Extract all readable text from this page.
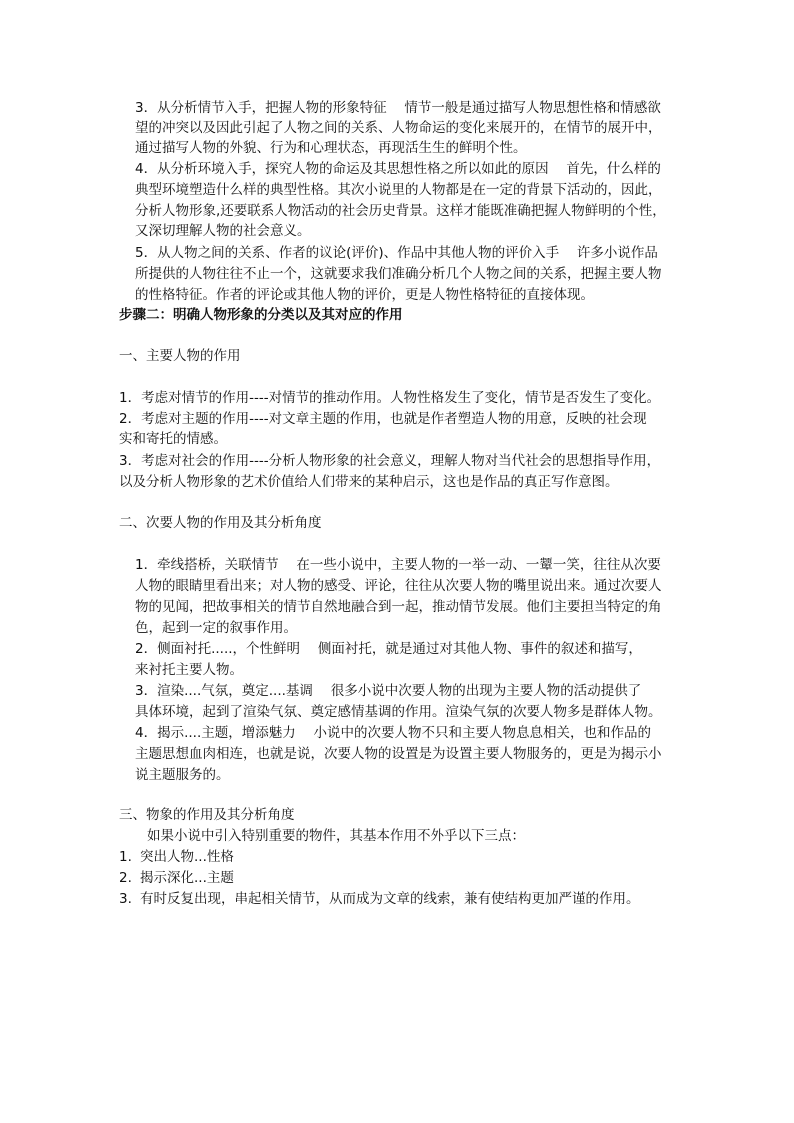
3．从分析情节入手，把握人物的形象特征　 情节一般是通过描写人物思想性格和情感欲
望的冲突以及因此引起了人物之间的关系、人物命运的变化来展开的，在情节的展开中，
通过描写人物的外貌、行为和心理状态，再现活生生的鲜明个性。
4．从分析环境入手，探究人物的命运及其思想性格之所以如此的原因　 首先，什么样的
典型环境塑造什么样的典型性格。其次小说里的人物都是在一定的背景下活动的，因此，
分析人物形象,还要联系人物活动的社会历史背景。这样才能既准确把握人物鲜明的个性，
又深切理解人物的社会意义。
5．从人物之间的关系、作者的议论(评价)、作品中其他人物的评价入手　 许多小说作品
所提供的人物往往不止一个，这就要求我们准确分析几个人物之间的关系，把握主要人物
的性格特征。作者的评论或其他人物的评价，更是人物性格特征的直接体现。
步骤二：明确人物形象的分类以及其对应的作用
一、主要人物的作用
1．考虑对情节的作用----对情节的推动作用。人物性格发生了变化，情节是否发生了变化。
2．考虑对主题的作用----对文章主题的作用，也就是作者塑造人物的用意，反映的社会现
实和寄托的情感。
3．考虑对社会的作用----分析人物形象的社会意义，理解人物对当代社会的思想指导作用，
以及分析人物形象的艺术价值给人们带来的某种启示，这也是作品的真正写作意图。
二、次要人物的作用及其分析角度
1．牵线搭桥，关联情节　 在一些小说中，主要人物的一举一动、一颦一笑，往往从次要
人物的眼睛里看出来；对人物的感受、评论，往往从次要人物的嘴里说出来。通过次要人
物的见闻，把故事相关的情节自然地融合到一起，推动情节发展。他们主要担当特定的角
色，起到一定的叙事作用。
2．侧面衬托.....，个性鲜明　 侧面衬托，就是通过对其他人物、事件的叙述和描写，
来衬托主要人物。
3．渲染....气氛，奠定....基调　 很多小说中次要人物的出现为主要人物的活动提供了
具体环境，起到了渲染气氛、奠定感情基调的作用。渲染气氛的次要人物多是群体人物。
4．揭示....主题，增添魅力　 小说中的次要人物不只和主要人物息息相关，也和作品的
主题思想血肉相连，也就是说，次要人物的设置是为设置主要人物服务的，更是为揭示小
说主题服务的。
三、物象的作用及其分析角度
如果小说中引入特别重要的物件，其基本作用不外乎以下三点：
1. 突出人物...性格
2. 揭示深化...主题
3. 有时反复出现，串起相关情节，从而成为文章的线索，兼有使结构更加严谨的作用。
